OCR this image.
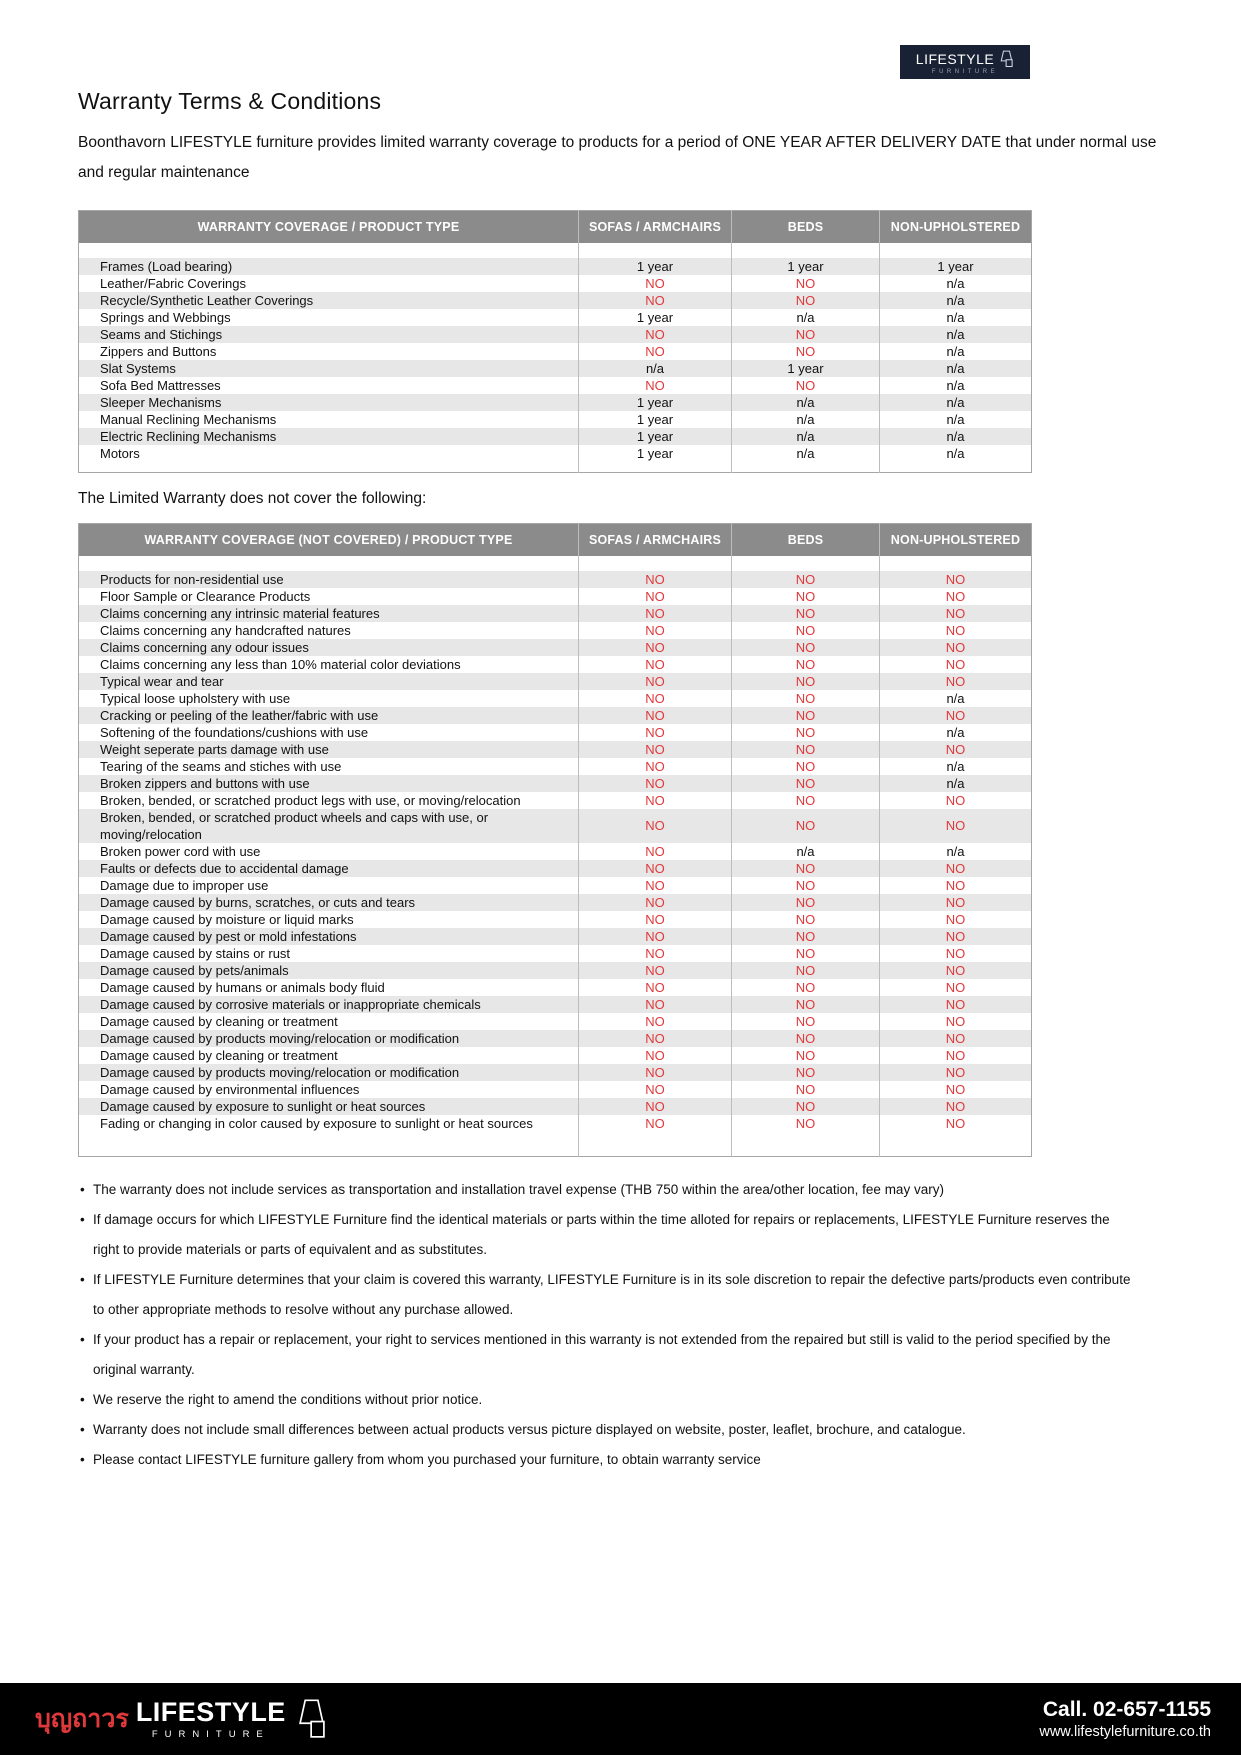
LIFESTYLE
FURNITURE
Warranty Terms & Conditions

Boonthavorn LIFESTYLE furniture provides limited warranty coverage to products for a period of ONE YEAR AFTER DELIVERY DATE that under normal use and regular maintenance

WARRANTY COVERAGE / PRODUCT TYPE	SOFAS / ARMCHAIRS	BEDS	NON-UPHOLSTERED

Frames (Load bearing)	1 year	1 year	1 year
Leather/Fabric Coverings	NO	NO	n/a
Recycle/Synthetic Leather Coverings	NO	NO	n/a
Springs and Webbings	1 year	n/a	n/a
Seams and Stichings	NO	NO	n/a
Zippers and Buttons	NO	NO	n/a
Slat Systems	n/a	1 year	n/a
Sofa Bed Mattresses	NO	NO	n/a
Sleeper Mechanisms	1 year	n/a	n/a
Manual Reclining Mechanisms	1 year	n/a	n/a
Electric Reclining Mechanisms	1 year	n/a	n/a
Motors	1 year	n/a	n/a

The Limited Warranty does not cover the following:

WARRANTY COVERAGE (NOT COVERED) / PRODUCT TYPE	SOFAS / ARMCHAIRS	BEDS	NON-UPHOLSTERED

Products for non-residential use	NO	NO	NO
Floor Sample or Clearance Products	NO	NO	NO
Claims concerning any intrinsic material features	NO	NO	NO
Claims concerning any handcrafted natures	NO	NO	NO
Claims concerning any odour issues	NO	NO	NO
Claims concerning any less than 10% material color deviations	NO	NO	NO
Typical wear and tear	NO	NO	NO
Typical loose upholstery with use	NO	NO	n/a
Cracking or peeling of the leather/fabric with use	NO	NO	NO
Softening of the foundations/cushions with use	NO	NO	n/a
Weight seperate parts damage with use	NO	NO	NO
Tearing of the seams and stiches with use	NO	NO	n/a
Broken zippers and buttons with use	NO	NO	n/a
Broken, bended, or scratched product legs with use, or moving/relocation	NO	NO	NO
Broken, bended, or scratched product wheels and caps with use, or moving/relocation	NO	NO	NO
Broken power cord with use	NO	n/a	n/a
Faults or defects due to accidental damage	NO	NO	NO
Damage due to improper use	NO	NO	NO
Damage caused by burns, scratches, or cuts and tears	NO	NO	NO
Damage caused by moisture or liquid marks	NO	NO	NO
Damage caused by pest or mold infestations	NO	NO	NO
Damage caused by stains or rust	NO	NO	NO
Damage caused by pets/animals	NO	NO	NO
Damage caused by humans or animals body fluid	NO	NO	NO
Damage caused by corrosive materials or inappropriate chemicals	NO	NO	NO
Damage caused by cleaning or treatment	NO	NO	NO
Damage caused by products moving/relocation or modification	NO	NO	NO
Damage caused by cleaning or treatment	NO	NO	NO
Damage caused by products moving/relocation or modification	NO	NO	NO
Damage caused by environmental influences	NO	NO	NO
Damage caused by exposure to sunlight or heat sources	NO	NO	NO
Fading or changing in color caused by exposure to sunlight or heat sources	NO	NO	NO

• The warranty does not include services as transportation and installation travel expense (THB 750 within the area/other location, fee may vary)
• If damage occurs for which LIFESTYLE Furniture find the identical materials or parts within the time alloted for repairs or replacements, LIFESTYLE Furniture reserves the right to provide materials or parts of equivalent and as substitutes.
• If LIFESTYLE Furniture determines that your claim is covered this warranty, LIFESTYLE Furniture is in its sole discretion to repair the defective parts/products even contribute to other appropriate methods to resolve without any purchase allowed.
• If your product has a repair or replacement, your right to services mentioned in this warranty is not extended from the repaired but still is valid to the period specified by the original warranty.
• We reserve the right to amend the conditions without prior notice.
• Warranty does not include small differences between actual products versus picture displayed on website, poster, leaflet, brochure, and catalogue.
• Please contact LIFESTYLE furniture gallery from whom you purchased your furniture, to obtain warranty service
บุญถาวร LIFESTYLE
FURNITURE
Call. 02-657-1155
www.lifestylefurniture.co.th
